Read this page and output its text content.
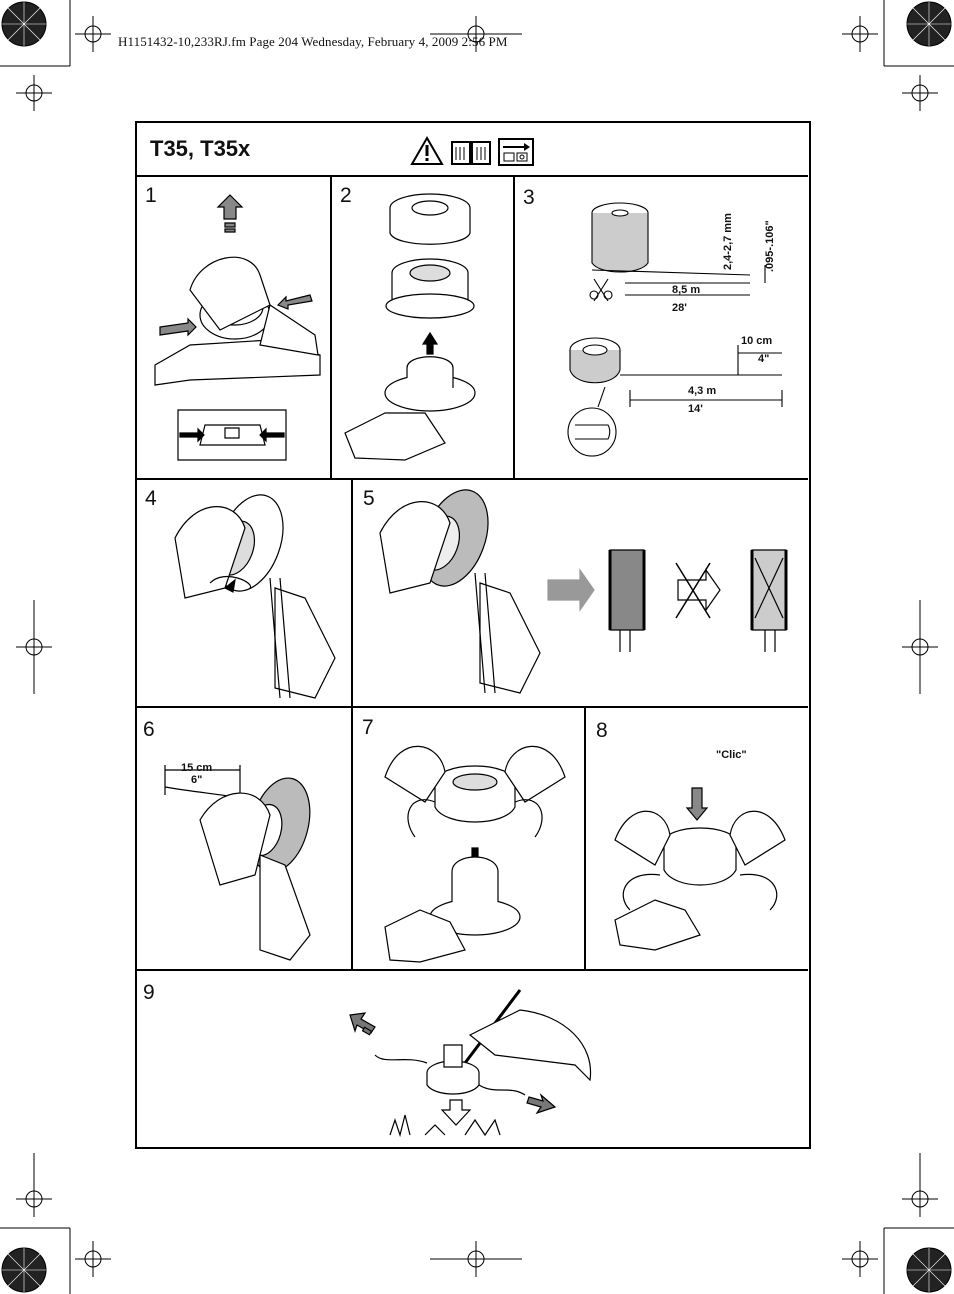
H1151432-10,233RJ.fm Page 204 Wednesday, February 4, 2009 2:56 PM
T35, T35x
1	2	3
4	5
6	7	8
9
2,4-2,7 mm	.095-.106"
8,5 m
28'
10 cm
4"
4,3 m
14'
15 cm
6"
"Clic"
